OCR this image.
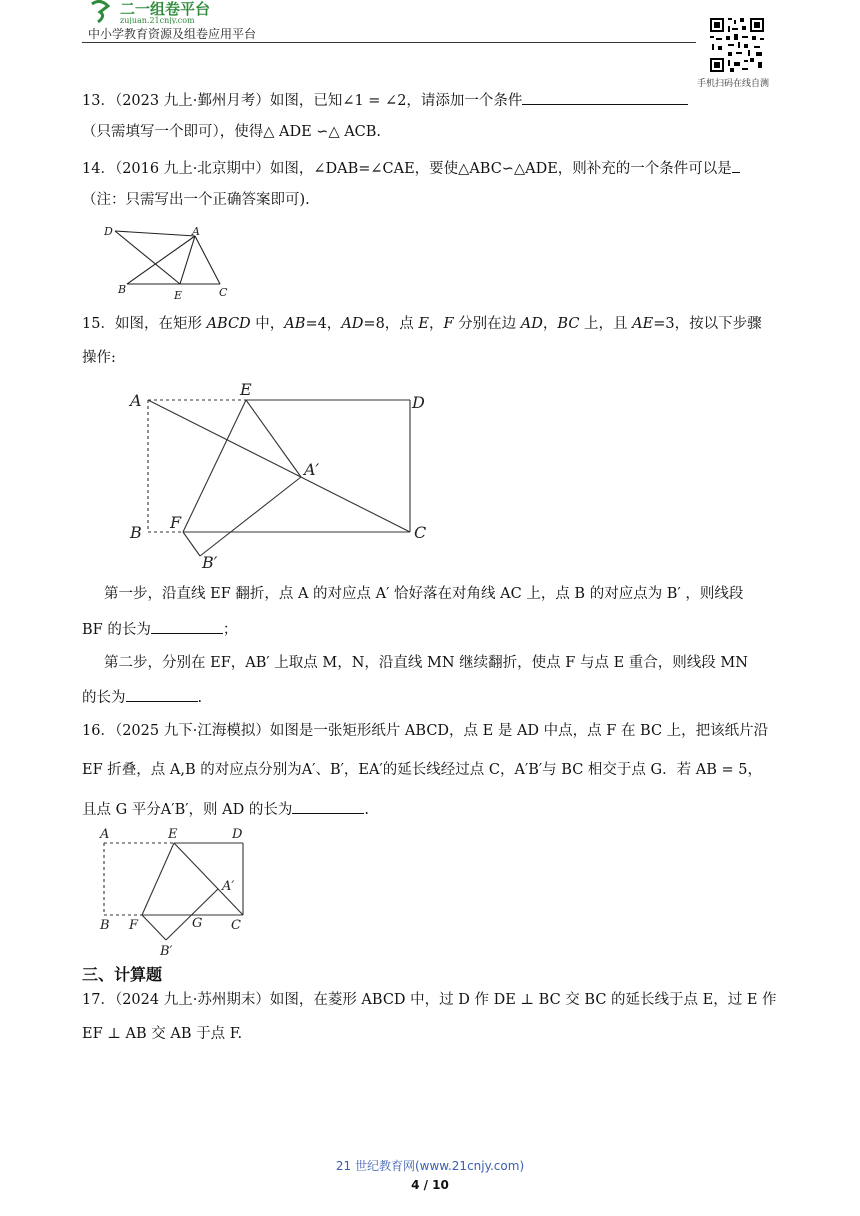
二一组卷平台
zujuan.21cnjy.com
中小学教育资源及组卷应用平台
手机扫码在线自测
13．（2023 九上·鄞州月考）如图，已知∠1 = ∠2，请添加一个条件
（只需填写一个即可），使得△ ADE ∽△ ACB.
14．（2016 九上·北京期中）如图，∠DAB=∠CAE，要使△ABC∽△ADE，则补充的一个条件可以是
（注：只需写出一个正确答案即可).
D	A
B	E	C
15．如图，在矩形 ABCD 中，AB=4，AD=8，点 E，F 分别在边 AD，BC 上，且 AE=3，按以下步骤
操作:
A
E
D
A′
B
F
C
B′
第一步，沿直线 EF 翻折，点 A 的对应点 A′ 恰好落在对角线 AC 上，点 B 的对应点为 B′ ，则线段
BF 的长为	；
第二步，分别在 EF，AB′ 上取点 M，N，沿直线 MN 继续翻折，使点 F 与点 E 重合，则线段 MN
的长为	.
16．（2025 九下·江海模拟）如图是一张矩形纸片 ABCD，点 E 是 AD 中点，点 F 在 BC 上，把该纸片沿
EF 折叠，点 A,B 的对应点分别为A′、B′，EA′的延长线经过点 C，A′B′与 BC 相交于点 G．若 AB = 5，
且点 G 平分A′B′，则 AD 的长为	.
A	E	D
A′
B F	G C
B′
三、计算题
17．（2024 九上·苏州期末）如图，在菱形 ABCD 中，过 D 作 DE ⊥ BC 交 BC 的延长线于点 E，过 E 作
EF ⊥ AB 交 AB 于点 F.
21 世纪教育网(www.21cnjy.com)
4 / 10
